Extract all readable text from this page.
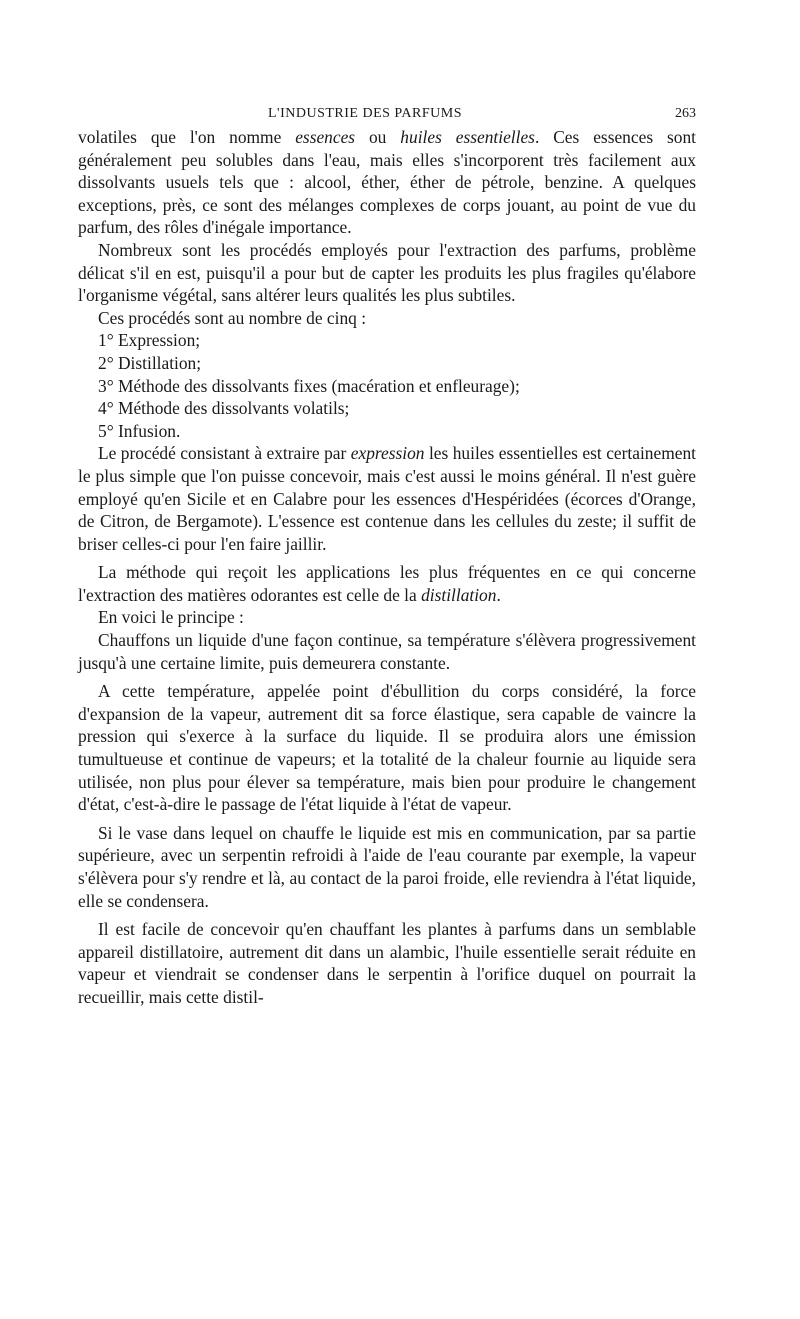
L'INDUSTRIE DES PARFUMS	263

volatiles que l'on nomme essences ou huiles essentielles. Ces essences sont généralement peu solubles dans l'eau, mais elles s'incorporent très facilement aux dissolvants usuels tels que : alcool, éther, éther de pétrole, benzine. A quelques exceptions, près, ce sont des mélanges complexes de corps jouant, au point de vue du parfum, des rôles d'inégale importance.

Nombreux sont les procédés employés pour l'extraction des parfums, problème délicat s'il en est, puisqu'il a pour but de capter les produits les plus fragiles qu'élabore l'organisme végétal, sans altérer leurs qualités les plus subtiles.

Ces procédés sont au nombre de cinq :

1° Expression;

2° Distillation;

3° Méthode des dissolvants fixes (macération et enfleurage);

4° Méthode des dissolvants volatils;

5° Infusion.

Le procédé consistant à extraire par expression les huiles essentielles est certainement le plus simple que l'on puisse concevoir, mais c'est aussi le moins général. Il n'est guère employé qu'en Sicile et en Calabre pour les essences d'Hespéridées (écorces d'Orange, de Citron, de Bergamote). L'essence est contenue dans les cellules du zeste; il suffit de briser celles-ci pour l'en faire jaillir.

La méthode qui reçoit les applications les plus fréquentes en ce qui concerne l'extraction des matières odorantes est celle de la distillation.

En voici le principe :

Chauffons un liquide d'une façon continue, sa température s'élèvera progressivement jusqu'à une certaine limite, puis demeurera constante.

A cette température, appelée point d'ébullition du corps considéré, la force d'expansion de la vapeur, autrement dit sa force élastique, sera capable de vaincre la pression qui s'exerce à la surface du liquide. Il se produira alors une émission tumultueuse et continue de vapeurs; et la totalité de la chaleur fournie au liquide sera utilisée, non plus pour élever sa température, mais bien pour produire le changement d'état, c'est-à-dire le passage de l'état liquide à l'état de vapeur.

Si le vase dans lequel on chauffe le liquide est mis en communication, par sa partie supérieure, avec un serpentin refroidi à l'aide de l'eau courante par exemple, la vapeur s'élèvera pour s'y rendre et là, au contact de la paroi froide, elle reviendra à l'état liquide, elle se condensera.

Il est facile de concevoir qu'en chauffant les plantes à parfums dans un semblable appareil distillatoire, autrement dit dans un alambic, l'huile essentielle serait réduite en vapeur et viendrait se condenser dans le serpentin à l'orifice duquel on pourrait la recueillir, mais cette distil-
